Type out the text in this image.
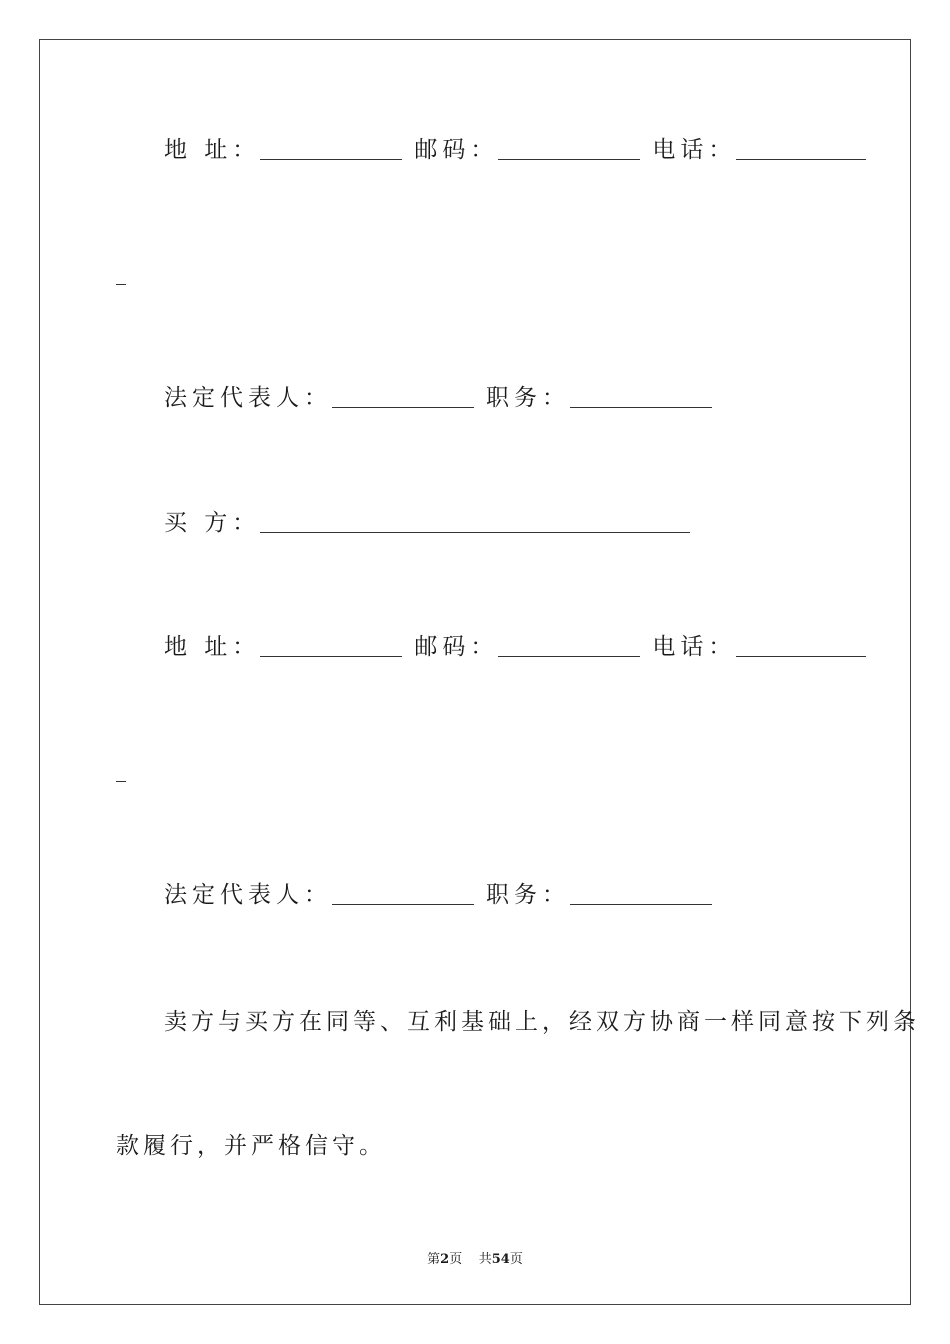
地 址：	邮码：	电话：
法定代表人：	职务：
买 方：
地 址：	邮码：	电话：
法定代表人：	职务：
卖方与买方在同等、互利基础上，经双方协商一样同意按下列条
款履行，并严格信守。
第2页 共54页
